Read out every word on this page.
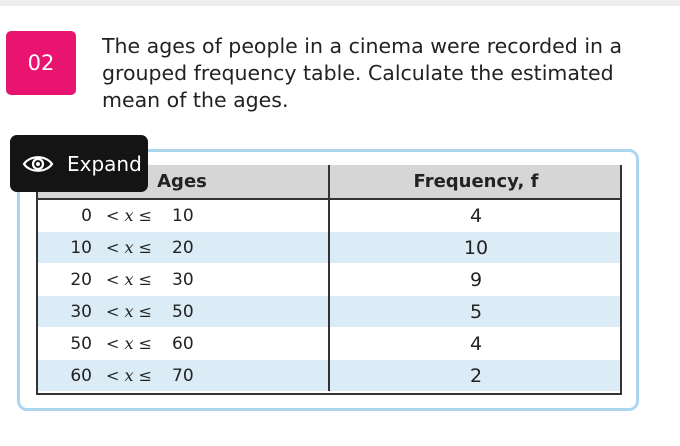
02
The ages of people in a cinema were recorded in a grouped frequency table. Calculate the estimated mean of the ages.
Ages	Frequency, f

0 < x ≤ 10	4

10 < x ≤ 20	10

20 < x ≤ 30	9

30 < x ≤ 50	5

50 < x ≤ 60	4

60 < x ≤ 70	2
Expand
